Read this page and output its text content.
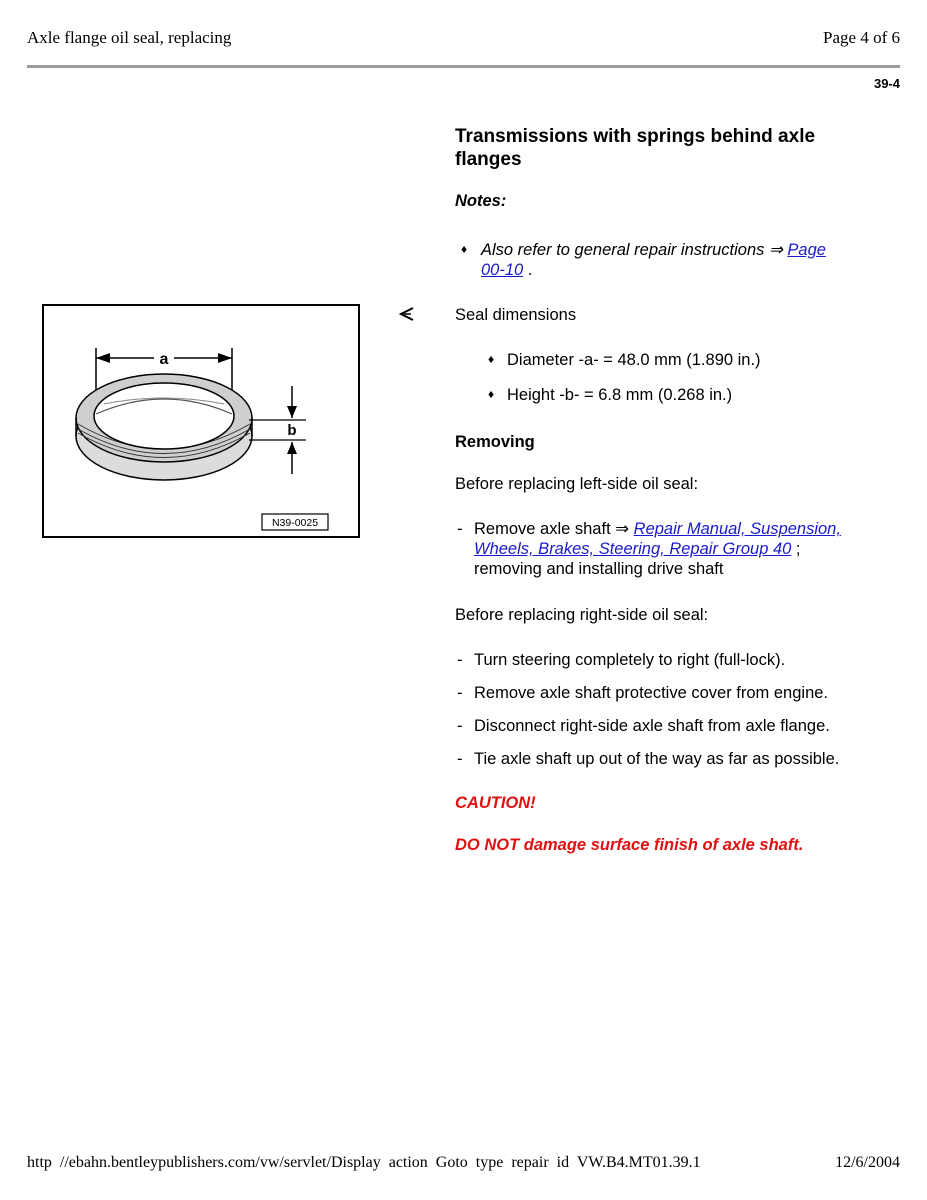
Axle flange oil seal, replacing	Page 4 of 6
39-4
Transmissions with springs behind axle
flanges
Notes:
♦ Also refer to general repair instructions ⇒ Page
00-10 .
a
b
N39-0025
Seal dimensions
♦ Diameter -a- = 48.0 mm (1.890 in.)
♦ Height -b- = 6.8 mm (0.268 in.)
Removing
Before replacing left-side oil seal:
- Remove axle shaft ⇒ Repair Manual, Suspension,
Wheels, Brakes, Steering, Repair Group 40 ;
removing and installing drive shaft
Before replacing right-side oil seal:
- Turn steering completely to right (full-lock).
- Remove axle shaft protective cover from engine.
- Disconnect right-side axle shaft from axle flange.
- Tie axle shaft up out of the way as far as possible.
CAUTION!
DO NOT damage surface finish of axle shaft.
http //ebahn.bentleypublishers.com/vw/servlet/Display action Goto type repair id VW.B4.MT01.39.1	12/6/2004
